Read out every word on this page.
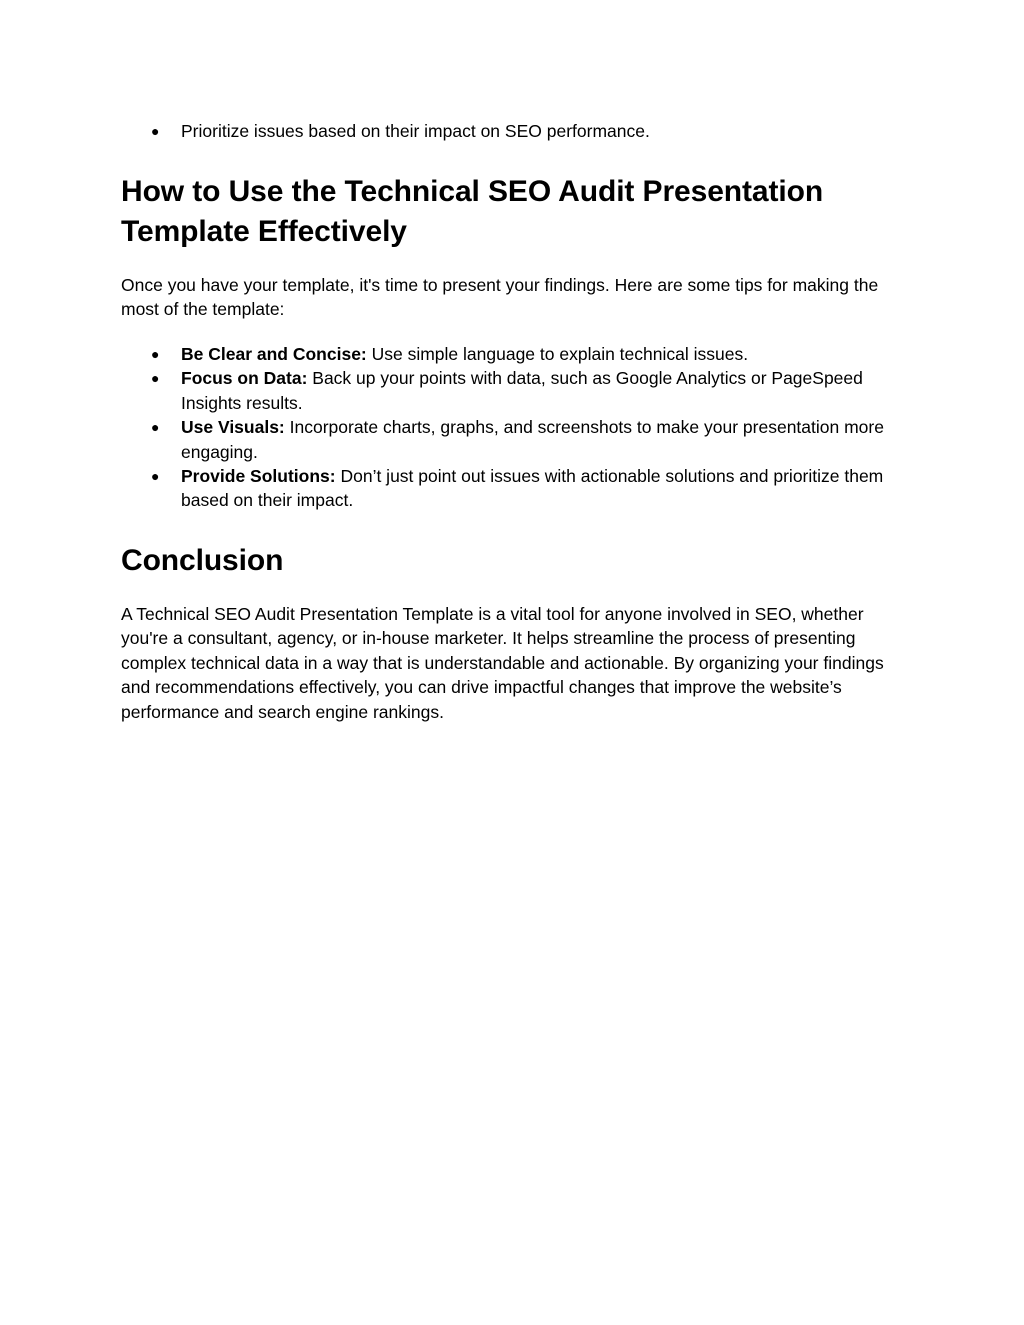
● Prioritize issues based on their impact on SEO performance.
How to Use the Technical SEO Audit Presentation Template Effectively

Once you have your template, it's time to present your findings. Here are some tips for making the most of the template:

● Be Clear and Concise: Use simple language to explain technical issues.
● Focus on Data: Back up your points with data, such as Google Analytics or PageSpeed Insights results.
● Use Visuals: Incorporate charts, graphs, and screenshots to make your presentation more engaging.
● Provide Solutions: Don’t just point out issues with actionable solutions and prioritize them based on their impact.
Conclusion

A Technical SEO Audit Presentation Template is a vital tool for anyone involved in SEO, whether you're a consultant, agency, or in-house marketer. It helps streamline the process of presenting complex technical data in a way that is understandable and actionable. By organizing your findings and recommendations effectively, you can drive impactful changes that improve the website’s performance and search engine rankings.
